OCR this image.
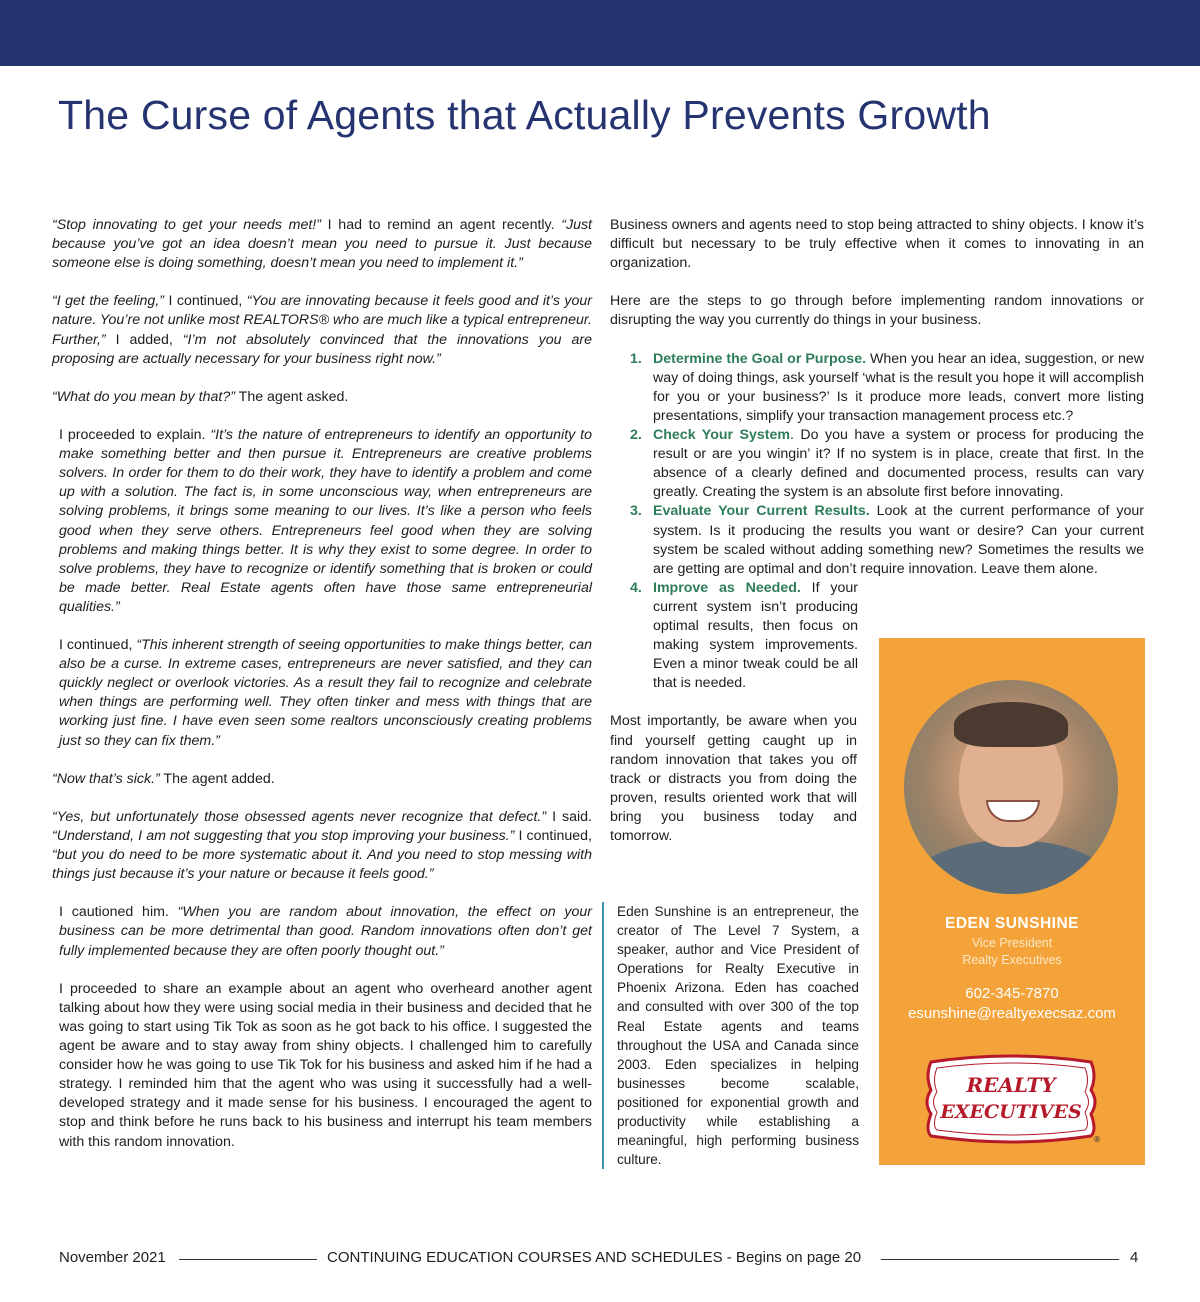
The Curse of Agents that Actually Prevents Growth

“Stop innovating to get your needs met!” I had to remind an agent recently. “Just because you’ve got an idea doesn’t mean you need to pursue it. Just because someone else is doing something, doesn’t mean you need to implement it.”

“I get the feeling,” I continued, “You are innovating because it feels good and it’s your nature. You’re not unlike most REALTORS® who are much like a typical entrepreneur. Further,” I added, “I’m not absolutely convinced that the innovations you are proposing are actually necessary for your business right now.”

“What do you mean by that?” The agent asked.

I proceeded to explain. “It’s the nature of entrepreneurs to identify an opportunity to make something better and then pursue it. Entrepreneurs are creative problems solvers. In order for them to do their work, they have to identify a problem and come up with a solution. The fact is, in some unconscious way, when entrepreneurs are solving problems, it brings some meaning to our lives. It’s like a person who feels good when they serve others. Entrepreneurs feel good when they are solving problems and making things better. It is why they exist to some degree. In order to solve problems, they have to recognize or identify something that is broken or could be made better. Real Estate agents often have those same entrepreneurial qualities.”

I continued, “This inherent strength of seeing opportunities to make things better, can also be a curse. In extreme cases, entrepreneurs are never satisfied, and they can quickly neglect or overlook victories. As a result they fail to recognize and celebrate when things are performing well. They often tinker and mess with things that are working just fine. I have even seen some realtors unconsciously creating problems just so they can fix them.”

“Now that’s sick.” The agent added.

“Yes, but unfortunately those obsessed agents never recognize that defect.” I said. “Understand, I am not suggesting that you stop improving your business.” I continued, “but you do need to be more systematic about it. And you need to stop messing with things just because it’s your nature or because it feels good.”

I cautioned him. “When you are random about innovation, the effect on your business can be more detrimental than good. Random innovations often don’t get fully implemented because they are often poorly thought out.”

I proceeded to share an example about an agent who overheard another agent talking about how they were using social media in their business and decided that he was going to start using Tik Tok as soon as he got back to his office. I suggested the agent be aware and to stay away from shiny objects. I challenged him to carefully consider how he was going to use Tik Tok for his business and asked him if he had a strategy. I reminded him that the agent who was using it successfully had a well-developed strategy and it made sense for his business. I encouraged the agent to stop and think before he runs back to his business and interrupt his team members with this random innovation.

Business owners and agents need to stop being attracted to shiny objects. I know it’s difficult but necessary to be truly effective when it comes to innovating in an organization.

Here are the steps to go through before implementing random innovations or disrupting the way you currently do things in your business.

1. Determine the Goal or Purpose. When you hear an idea, suggestion, or new way of doing things, ask yourself ‘what is the result you hope it will accomplish for you or your business?’ Is it produce more leads, convert more listing presentations, simplify your transaction management process etc.?
2. Check Your System. Do you have a system or process for producing the result or are you wingin’ it? If no system is in place, create that first. In the absence of a clearly defined and documented process, results can vary greatly. Creating the system is an absolute first before innovating.
3. Evaluate Your Current Results. Look at the current performance of your system. Is it producing the results you want or desire? Can your current system be scaled without adding something new? Sometimes the results we are getting are optimal and don’t require innovation. Leave them alone.
4. Improve as Needed. If your current system isn’t producing optimal results, then focus on making system improvements. Even a minor tweak could be all that is needed.

Most importantly, be aware when you find yourself getting caught up in random innovation that takes you off track or distracts you from doing the proven, results oriented work that will bring you business today and tomorrow.

Eden Sunshine is an entrepreneur, the creator of The Level 7 System, a speaker, author and Vice President of Operations for Realty Executive in Phoenix Arizona. Eden has coached and consulted with over 300 of the top Real Estate agents and teams throughout the USA and Canada since 2003. Eden specializes in helping businesses become scalable, positioned for exponential growth and productivity while establishing a meaningful, high performing business culture.
EDEN SUNSHINE
Vice President
Realty Executives
602-345-7870
esunshine@realtyexecsaz.com
REALTY
EXECUTIVES
®
November 2021	CONTINUING EDUCATION COURSES AND SCHEDULES - Begins on page 20	4
